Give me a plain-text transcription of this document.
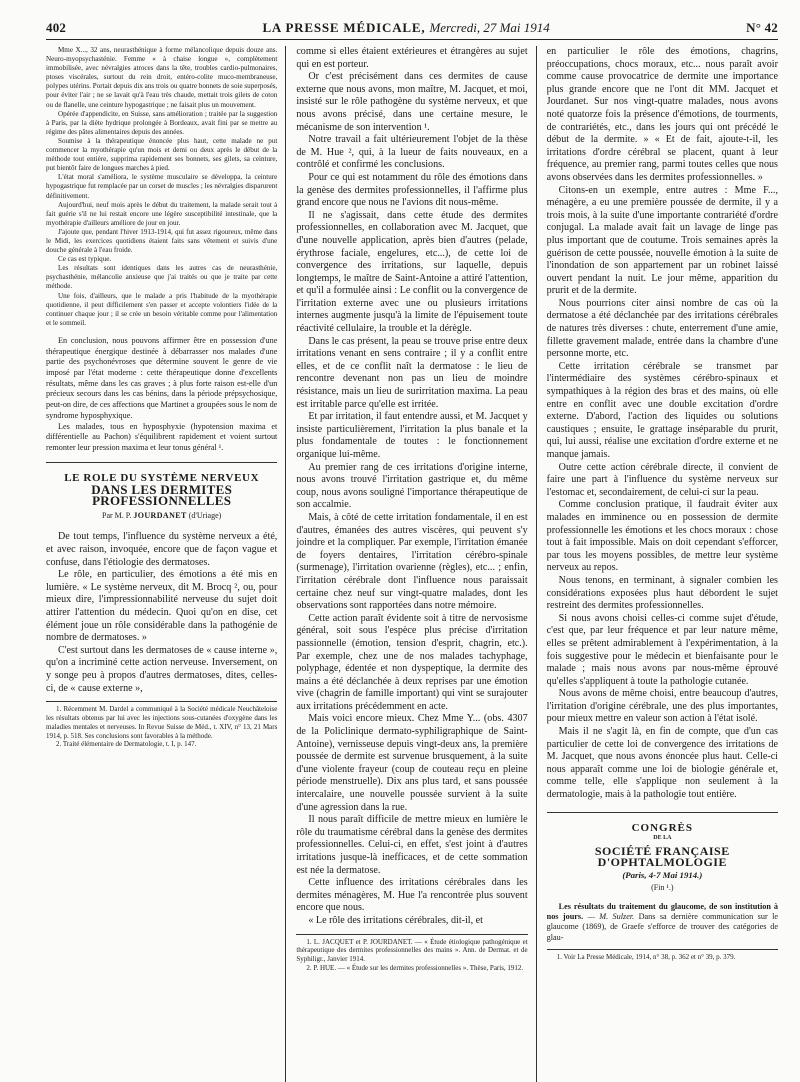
402	LA PRESSE MÉDICALE, Mercredi, 27 Mai 1914	N° 42

Mme X..., 32 ans, neurasthénique à forme mélancolique depuis douze ans. Neuro-myopsychasténie. Femme « à chaise longue », complètement immobilisée, avec névralgies atroces dans la tête, troubles cardio-pulmonaires, ptoses viscérales, surtout du rein droit, entéro-colite muco-membraneuse, polypes utérins. Portait depuis dix ans trois ou quatre bonnets de soie superposés, pour éviter l'air ; ne se lavait qu'à l'eau très chaude, mettait trois gilets de coton ou de flanelle, une ceinture hypogastrique ; ne faisait plus un mouvement.

Opérée d'appendicite, en Suisse, sans amélioration ; traitée par la suggestion à Paris, par la diète hydrique prolongée à Bordeaux, avait fini par se mettre au régime des pâtes alimentaires depuis des années.

Soumise à la thérapeutique énoncée plus haut, cette malade ne put commencer la myothérapie qu'un mois et demi ou deux après le début de la méthode tout entière, supprima rapidement ses bonnets, ses gilets, sa ceinture, put bientôt faire de longues marches à pied.

L'état moral s'améliora, le système musculaire se développa, la ceinture hypogastrique fut remplacée par un corset de muscles ; les névralgies disparurent définitivement.

Aujourd'hui, neuf mois après le début du traitement, la malade serait tout à fait guérie s'il ne lui restait encore une légère susceptibilité intestinale, que la myothérapie d'ailleurs améliore de jour en jour.

J'ajoute que, pendant l'hiver 1913-1914, qui fut assez rigoureux, même dans le Midi, les exercices quotidiens étaient faits sans vêtement et suivis d'une douche générale à l'eau froide.

Ce cas est typique.

Les résultats sont identiques dans les autres cas de neurasthénie, psychasthénie, mélancolie anxieuse que j'ai traités ou que je traite par cette méthode.

Une fois, d'ailleurs, que le malade a pris l'habitude de la myothérapie quotidienne, il peut difficilement s'en passer et accepte volontiers l'idée de la continuer chaque jour ; il se crée un besoin véritable comme pour l'alimentation et le sommeil.

En conclusion, nous pouvons affirmer être en possession d'une thérapeutique énergique destinée à débarrasser nos malades d'une partie des psychonévroses que détermine souvent le genre de vie imposé par l'état moderne : cette thérapeutique donne d'excellents résultats, même dans les cas graves ; à plus forte raison est-elle d'un précieux secours dans les cas bénins, dans la période prépsychosique, peut-on dire, de ces affections que Martinet a groupées sous le nom de syndrome hyposphyxique.

Les malades, tous en hyposphyxie (hypotension maxima et différentielle au Pachon) s'équilibrent rapidement et voient surtout remonter leur pression maxima et leur tonus général ¹.

LE ROLE DU SYSTÈME NERVEUX
DANS LES DERMITES PROFESSIONNELLES
Par M. P. JOURDANET (d'Uriage)

De tout temps, l'influence du système nerveux a été, et avec raison, invoquée, encore que de façon vague et confuse, dans l'étiologie des dermatoses.

Le rôle, en particulier, des émotions a été mis en lumière. « Le système nerveux, dit M. Brocq ², ou, pour mieux dire, l'impressionnabilité nerveuse du sujet doit attirer l'attention du médecin. Quoi qu'on en dise, cet élément joue un rôle considérable dans la pathogénie de nombre de dermatoses. »

C'est surtout dans les dermatoses de « cause interne », qu'on a incriminé cette action nerveuse. Inversement, on y songe peu à propos d'autres dermatoses, dites, celles-ci, de « cause externe »,

1. Récemment M. Dardel a communiqué à la Société médicale Neuchâteloise les résultats obtenus par lui avec les injections sous-cutanées d'oxygène dans les maladies mentales et nerveuses. In Revue Suisse de Méd., t. XIV, n° 13, 21 Mars 1914, p. 518. Ses conclusions sont favorables à la méthode.

2. Traité élémentaire de Dermatologie, t. I, p. 147.

comme si elles étaient extérieures et étrangères au sujet qui en est porteur.

Or c'est précisément dans ces dermites de cause externe que nous avons, mon maître, M. Jacquet, et moi, insisté sur le rôle pathogène du système nerveux, et que nous avons précisé, dans une certaine mesure, le mécanisme de son intervention ¹.

Notre travail a fait ultérieurement l'objet de la thèse de M. Hue ², qui, à la lueur de faits nouveaux, en a contrôlé et confirmé les conclusions.

Pour ce qui est notamment du rôle des émotions dans la genèse des dermites professionnelles, il l'affirme plus grand encore que nous ne l'avions dit nous-même.

Il ne s'agissait, dans cette étude des dermites professionnelles, en collaboration avec M. Jacquet, que d'une nouvelle application, après bien d'autres (pelade, érythrose faciale, engelures, etc...), de cette loi de convergence des irritations, sur laquelle, depuis longtemps, le maître de Saint-Antoine a attiré l'attention, et qu'il a formulée ainsi : Le conflit ou la convergence de l'irritation externe avec une ou plusieurs irritations internes augmente jusqu'à la limite de l'épuisement toute réactivité cellulaire, la trouble et la dérègle.

Dans le cas présent, la peau se trouve prise entre deux irritations venant en sens contraire ; il y a conflit entre elles, et de ce conflit naît la dermatose : le lieu de rencontre devenant non pas un lieu de moindre résistance, mais un lieu de surirritation maxima. La peau est irritable parce qu'elle est irritée.

Et par irritation, il faut entendre aussi, et M. Jacquet y insiste particulièrement, l'irritation la plus banale et la plus fondamentale de toutes : le fonctionnement organique lui-même.

Au premier rang de ces irritations d'origine interne, nous avons trouvé l'irritation gastrique et, du même coup, nous avons souligné l'importance thérapeutique de son accalmie.

Mais, à côté de cette irritation fondamentale, il en est d'autres, émanées des autres viscères, qui peuvent s'y joindre et la compliquer. Par exemple, l'irritation émanée de foyers dentaires, l'irritation cérébro-spinale (surmenage), l'irritation ovarienne (règles), etc... ; enfin, l'irritation cérébrale dont l'influence nous paraissait certaine chez neuf sur vingt-quatre malades, dont les observations sont rapportées dans notre mémoire.

Cette action paraît évidente soit à titre de nervosisme général, soit sous l'espèce plus précise d'irritation passionnelle (émotion, tension d'esprit, chagrin, etc.). Par exemple, chez une de nos malades tachyphage, polyphage, édentée et non dyspeptique, la dermite des mains a été déclanchée à deux reprises par une émotion vive (chagrin de famille important) qui vint se surajouter aux irritations précédemment en acte.

Mais voici encore mieux. Chez Mme Y... (obs. 4307 de la Policlinique dermato-syphiligraphique de Saint-Antoine), vernisseuse depuis vingt-deux ans, la première poussée de dermite est survenue brusquement, à la suite d'une violente frayeur (coup de couteau reçu en pleine période menstruelle). Dix ans plus tard, et sans poussée intercalaire, une nouvelle poussée survient à la suite d'une agression dans la rue.

Il nous paraît difficile de mettre mieux en lumière le rôle du traumatisme cérébral dans la genèse des dermites professionnelles. Celui-ci, en effet, s'est joint à d'autres irritations jusque-là inefficaces, et de cette sommation est née la dermatose.

Cette influence des irritations cérébrales dans les dermites ménagères, M. Hue l'a rencontrée plus souvent encore que nous.

« Le rôle des irritations cérébrales, dit-il, et

1. L. JACQUET et P. JOURDANET. — « Étude étiologique pathogénique et thérapeutique des dermites professionnelles des mains ». Ann. de Dermat. et de Syphiligr., Janvier 1914.

2. P. HUE. — « Étude sur les dermites professionnelles ». Thèse, Paris, 1912.

en particulier le rôle des émotions, chagrins, préoccupations, chocs moraux, etc... nous paraît avoir comme cause provocatrice de dermite une importance plus grande encore que ne l'ont dit MM. Jacquet et Jourdanet. Sur nos vingt-quatre malades, nous avons noté quatorze fois la présence d'émotions, de tourments, de contrariétés, etc., dans les jours qui ont précédé le début de la dermite. » « Et de fait, ajoute-t-il, les irritations d'ordre cérébral se placent, quant à leur fréquence, au premier rang, parmi toutes celles que nous avons observées dans les dermites professionnelles. »

Citons-en un exemple, entre autres : Mme F..., ménagère, a eu une première poussée de dermite, il y a trois mois, à la suite d'une importante contrariété d'ordre conjugal. La malade avait fait un lavage de linge pas plus important que de coutume. Trois semaines après la guérison de cette poussée, nouvelle émotion à la suite de l'inondation de son appartement par un robinet laissé ouvert pendant la nuit. Le jour même, apparition du prurit et de la dermite.

Nous pourrions citer ainsi nombre de cas où la dermatose a été déclanchée par des irritations cérébrales de natures très diverses : chute, enterrement d'une amie, fillette gravement malade, entrée dans la chambre d'une personne morte, etc.

Cette irritation cérébrale se transmet par l'intermédiaire des systèmes cérébro-spinaux et sympathiques à la région des bras et des mains, où elle entre en conflit avec une double excitation d'ordre externe. D'abord, l'action des liquides ou solutions caustiques ; ensuite, le grattage inséparable du prurit, qui, lui aussi, réalise une excitation d'ordre externe et ne manque jamais.

Outre cette action cérébrale directe, il convient de faire une part à l'influence du système nerveux sur l'estomac et, secondairement, de celui-ci sur la peau.

Comme conclusion pratique, il faudrait éviter aux malades en imminence ou en possession de dermite professionnelle les émotions et les chocs moraux : chose tout à fait impossible. Mais on doit cependant s'efforcer, par tous les moyens possibles, de mettre leur système nerveux au repos.

Nous tenons, en terminant, à signaler combien les considérations exposées plus haut débordent le sujet restreint des dermites professionnelles.

Si nous avons choisi celles-ci comme sujet d'étude, c'est que, par leur fréquence et par leur nature même, elles se prêtent admirablement à l'expérimentation, à la fois suggestive pour le médecin et bienfaisante pour le malade ; mais nous avons par nous-même éprouvé qu'elles s'appliquent à toute la pathologie cutanée.

Nous avons de même choisi, entre beaucoup d'autres, l'irritation d'origine cérébrale, une des plus importantes, pour mieux mettre en valeur son action à l'état isolé.

Mais il ne s'agit là, en fin de compte, que d'un cas particulier de cette loi de convergence des irritations de M. Jacquet, que nous avons énoncée plus haut. Celle-ci nous apparaît comme une loi de biologie générale et, comme telle, elle s'applique non seulement à la dermatologie, mais à la pathologie tout entière.

CONGRÈS
DE LA
SOCIÉTÉ FRANÇAISE D'OPHTALMOLOGIE
(Paris, 4-7 Mai 1914.)
(Fin ¹.)

Les résultats du traitement du glaucome, de son institution à nos jours. — M. Sulzer. Dans sa dernière communication sur le glaucome (1869), de Graefe s'efforce de trouver des catégories de glau-

1. Voir La Presse Médicale, 1914, n° 38, p. 362 et n° 39, p. 379.
